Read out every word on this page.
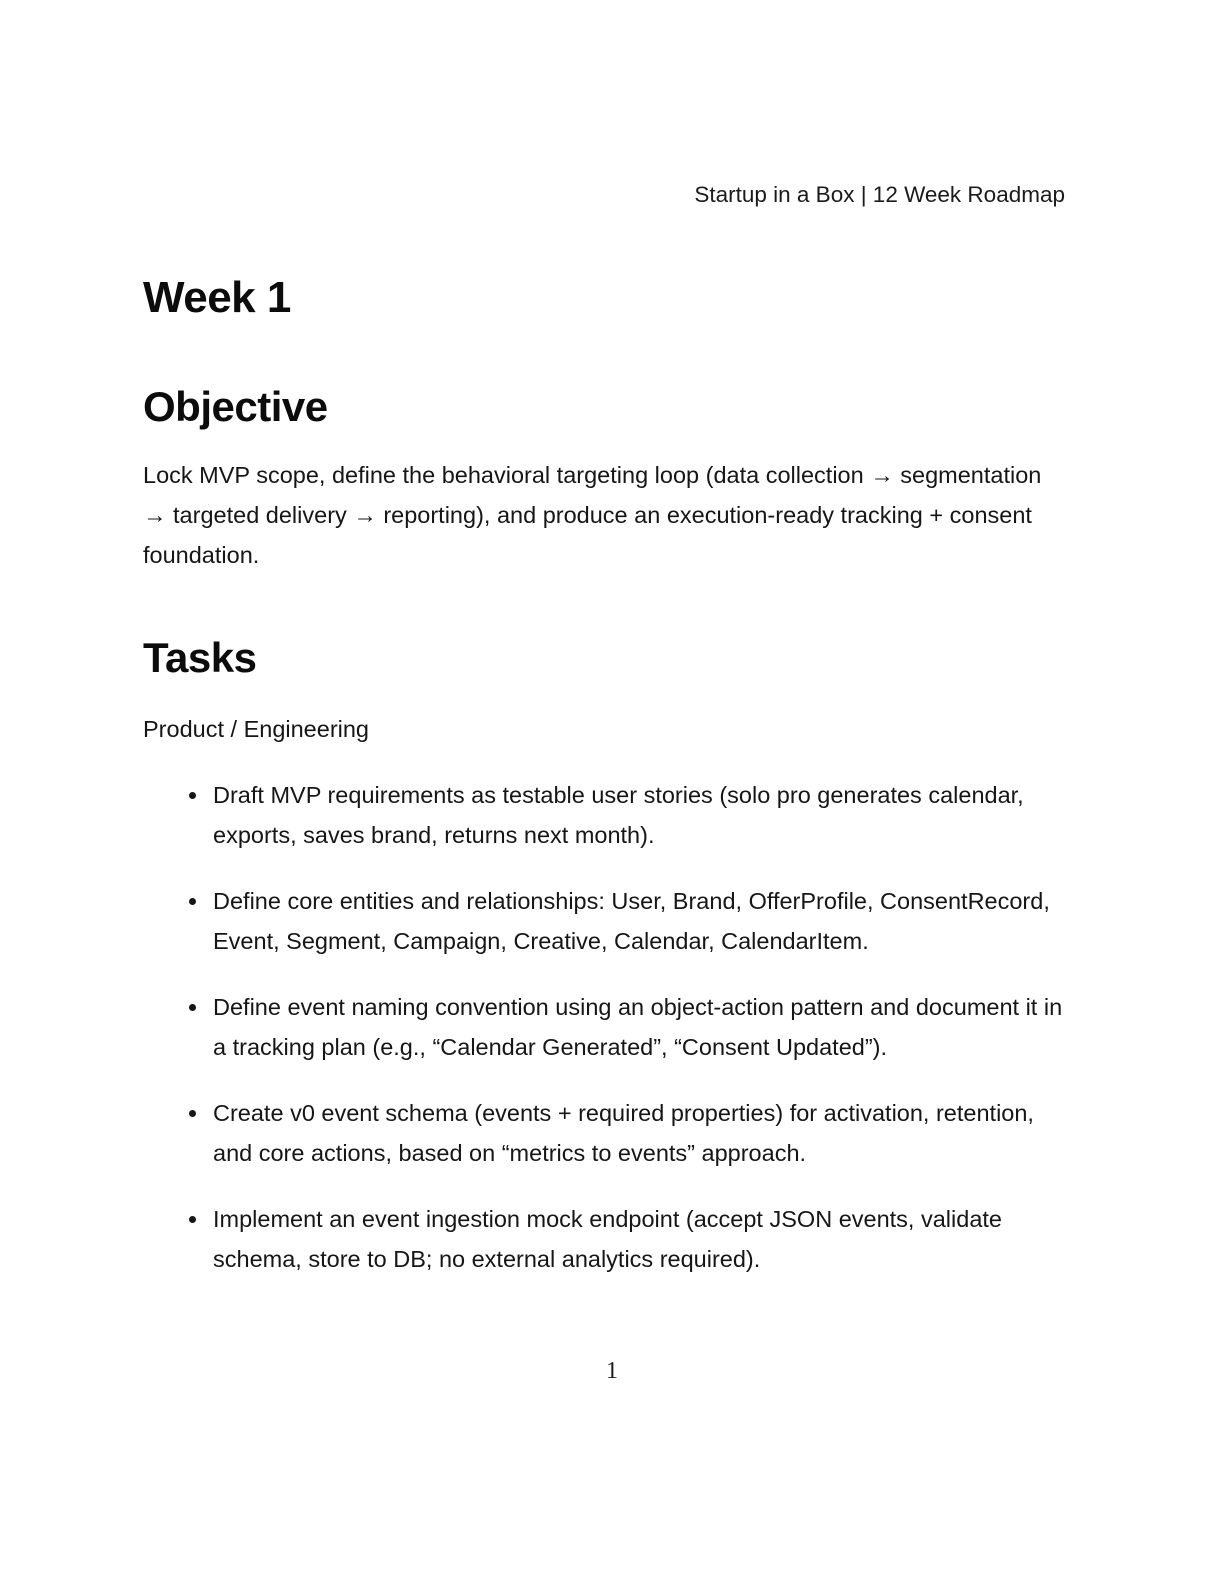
Startup in a Box | 12 Week Roadmap
Week 1
Objective

Lock MVP scope, define the behavioral targeting loop (data collection → segmentation → targeted delivery → reporting), and produce an execution-ready tracking + consent foundation.

Tasks

Product / Engineering

Draft MVP requirements as testable user stories (solo pro generates calendar, exports, saves brand, returns next month).
Define core entities and relationships: User, Brand, OfferProfile, ConsentRecord, Event, Segment, Campaign, Creative, Calendar, CalendarItem.
Define event naming convention using an object-action pattern and document it in a tracking plan (e.g., “Calendar Generated”, “Consent Updated”).
Create v0 event schema (events + required properties) for activation, retention, and core actions, based on “metrics to events” approach.
Implement an event ingestion mock endpoint (accept JSON events, validate schema, store to DB; no external analytics required).
1
